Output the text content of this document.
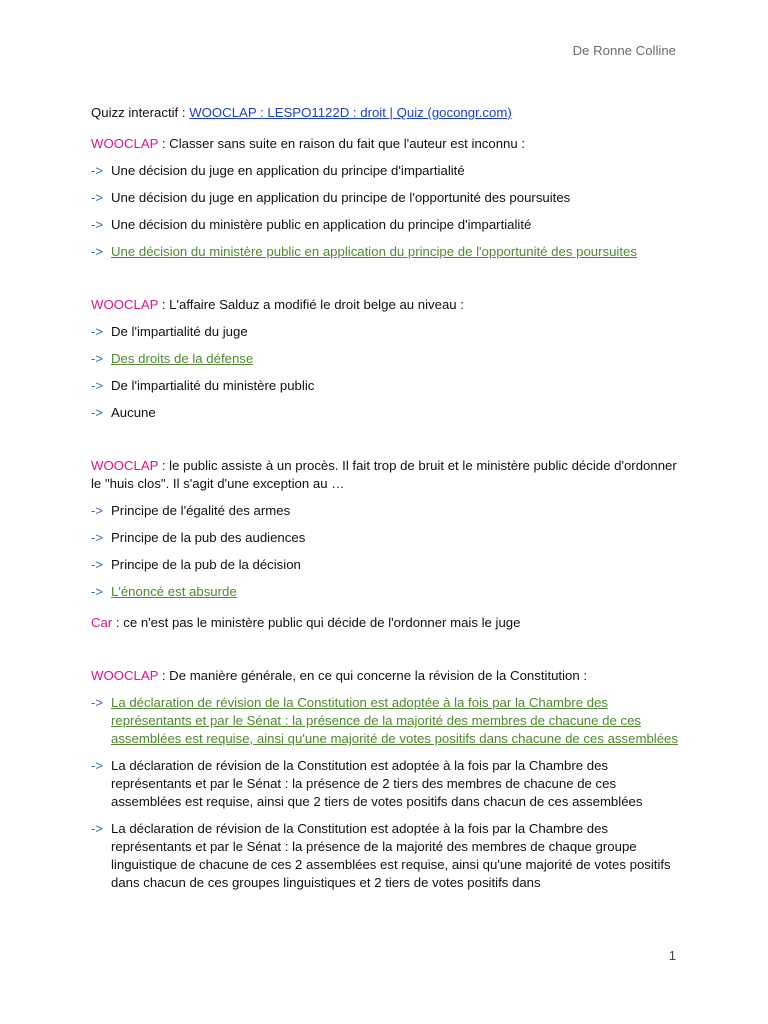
De Ronne Colline

Quizz interactif : WOOCLAP : LESPO1122D : droit | Quiz (gocongr.com)

WOOCLAP : Classer sans suite en raison du fait que l'auteur est inconnu :

-> Une décision du juge en application du principe d'impartialité
-> Une décision du juge en application du principe de l'opportunité des poursuites
-> Une décision du ministère public en application du principe d'impartialité
-> Une décision du ministère public en application du principe de l'opportunité des poursuites

WOOCLAP : L'affaire Salduz a modifié le droit belge au niveau :

-> De l'impartialité du juge
-> Des droits de la défense
-> De l'impartialité du ministère public
-> Aucune

WOOCLAP : le public assiste à un procès. Il fait trop de bruit et le ministère public décide d'ordonner le "huis clos". Il s'agit d'une exception au …

-> Principe de l'égalité des armes
-> Principe de la pub des audiences
-> Principe de la pub de la décision
-> L'énoncé est absurde

Car : ce n'est pas le ministère public qui décide de l'ordonner mais le juge

WOOCLAP : De manière générale, en ce qui concerne la révision de la Constitution :

-> La déclaration de révision de la Constitution est adoptée à la fois par la Chambre des représentants et par le Sénat : la présence de la majorité des membres de chacune de ces assemblées est requise, ainsi qu'une majorité de votes positifs dans chacune de ces assemblées
-> La déclaration de révision de la Constitution est adoptée à la fois par la Chambre des représentants et par le Sénat : la présence de 2 tiers des membres de chacune de ces assemblées est requise, ainsi que 2 tiers de votes positifs dans chacun de ces assemblées
-> La déclaration de révision de la Constitution est adoptée à la fois par la Chambre des représentants et par le Sénat : la présence de la majorité des membres de chaque groupe linguistique de chacune de ces 2 assemblées est requise, ainsi qu'une majorité de votes positifs dans chacun de ces groupes linguistiques et 2 tiers de votes positifs dans
1
